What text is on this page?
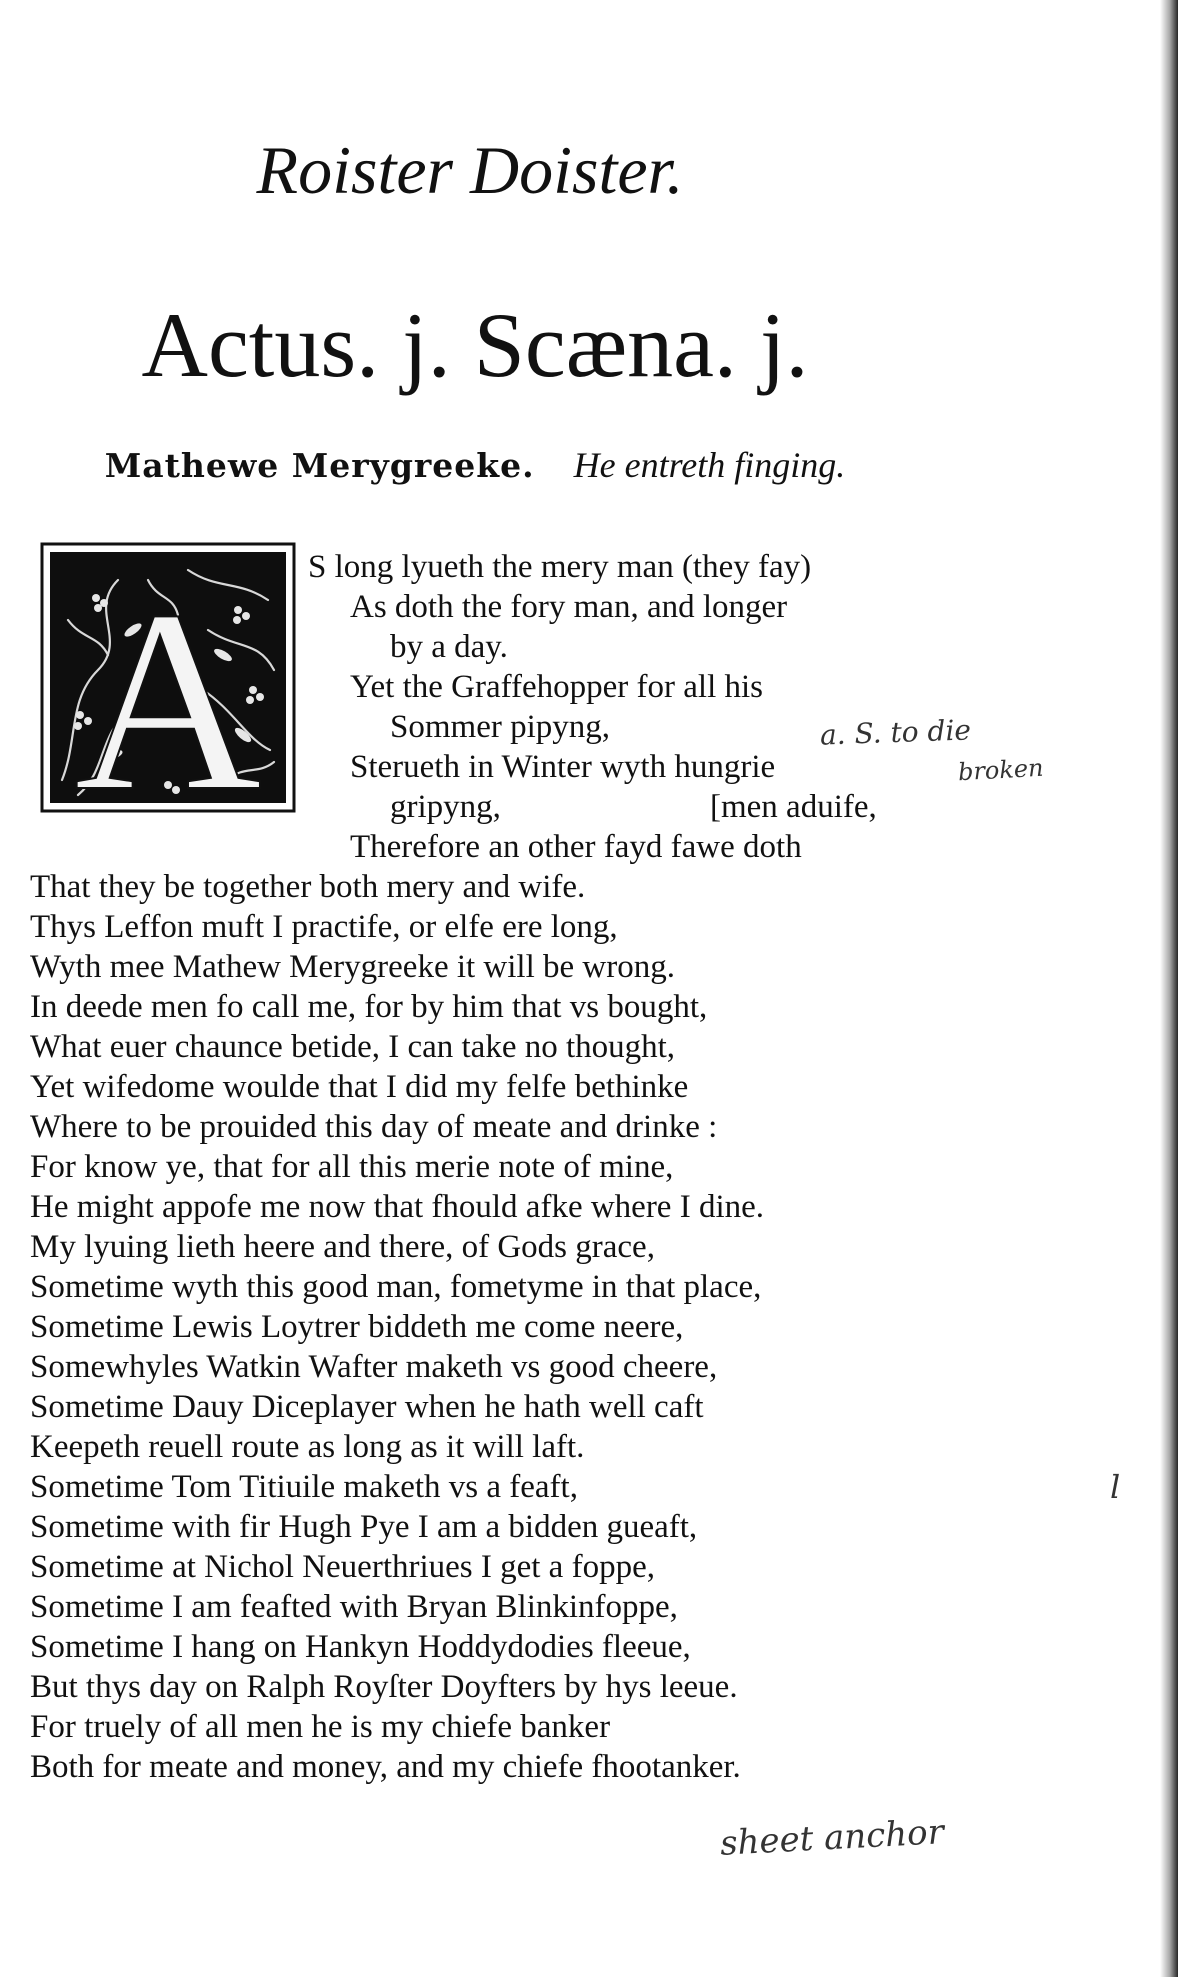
Roister Doister.
Actus. j. Scæna. j.
Mathewe Merygreeke. He entreth finging.
A S long lyueth the mery man (they fay)
As doth the fory man, and longer
by a day.
Yet the Graffehopper for all his
Sommer pipyng,
Sterueth in Winter wyth hungrie
gripyng,	[men aduife,
Therefore an other fayd fawe doth
That they be together both mery and wife.
Thys Leffon muft I practife, or elfe ere long,
Wyth mee Mathew Merygreeke it will be wrong.
In deede men fo call me, for by him that vs bought,
What euer chaunce betide, I can take no thought,
Yet wifedome woulde that I did my felfe bethinke
Where to be prouided this day of meate and drinke :
For know ye, that for all this merie note of mine,
He might appofe me now that fhould afke where I dine.
My lyuing lieth heere and there, of Gods grace,
Sometime wyth this good man, fometyme in that place,
Sometime Lewis Loytrer biddeth me come neere,
Somewhyles Watkin Wafter maketh vs good cheere,
Sometime Dauy Diceplayer when he hath well caft
Keepeth reuell route as long as it will laft.
Sometime Tom Titiuile maketh vs a feaft,
Sometime with fir Hugh Pye I am a bidden gueaft,
Sometime at Nichol Neuerthriues I get a foppe,
Sometime I am feafted with Bryan Blinkinfoppe,
Sometime I hang on Hankyn Hoddydodies fleeue,
But thys day on Ralph Royſter Doyfters by hys leeue.
For truely of all men he is my chiefe banker
Both for meate and money, and my chiefe fhootanker.
a. S. to die
broken
l
sheet anchor
